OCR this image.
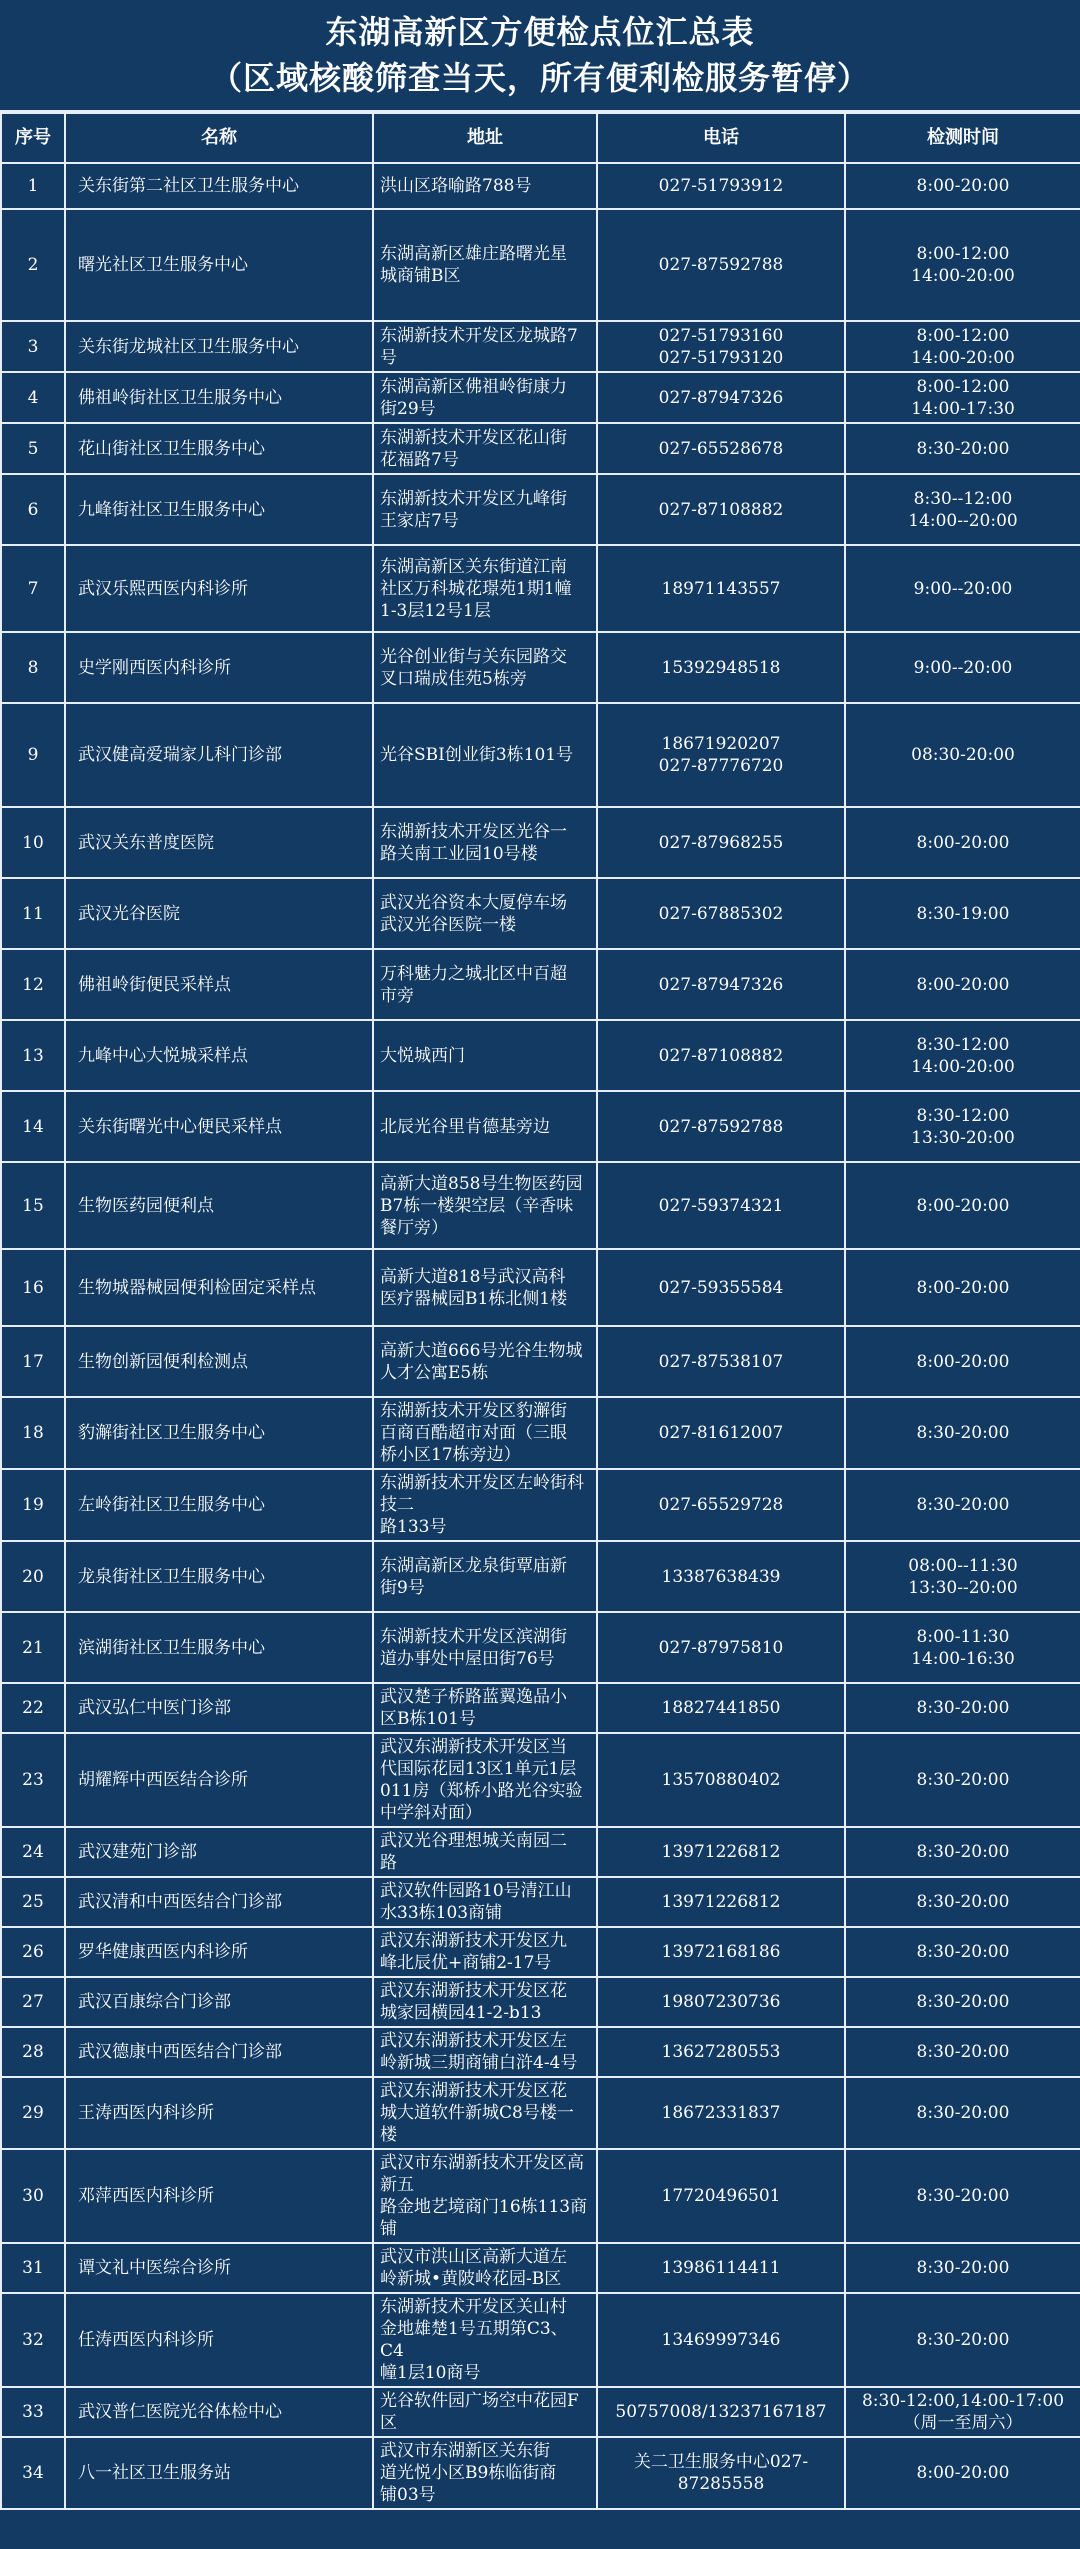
东湖高新区方便检点位汇总表
（区域核酸筛查当天，所有便利检服务暂停）
序号	名称	地址	电话	检测时间
1	关东街第二社区卫生服务中心	洪山区珞喻路788号	027-51793912	8:00-20:00
2	曙光社区卫生服务中心	东湖高新区雄庄路曙光星
城商铺B区	027-87592788	8:00-12:00
14:00-20:00
3	关东街龙城社区卫生服务中心	东湖新技术开发区龙城路7
号	027-51793160
027-51793120	8:00-12:00
14:00-20:00
4	佛祖岭街社区卫生服务中心	东湖高新区佛祖岭街康力
街29号	027-87947326	8:00-12:00
14:00-17:30
5	花山街社区卫生服务中心	东湖新技术开发区花山街
花福路7号	027-65528678	8:30-20:00
6	九峰街社区卫生服务中心	东湖新技术开发区九峰街
王家店7号	027-87108882	8:30--12:00
14:00--20:00
7	武汉乐熙西医内科诊所	东湖高新区关东街道江南
社区万科城花璟苑1期1幢
1-3层12号1层	18971143557	9:00--20:00
8	史学刚西医内科诊所	光谷创业街与关东园路交
叉口瑞成佳苑5栋旁	15392948518	9:00--20:00
9	武汉健高爱瑞家儿科门诊部	光谷SBI创业街3栋101号	18671920207
027-87776720	08:30-20:00
10	武汉关东普度医院	东湖新技术开发区光谷一
路关南工业园10号楼	027-87968255	8:00-20:00
11	武汉光谷医院	武汉光谷资本大厦停车场
武汉光谷医院一楼	027-67885302	8:30-19:00
12	佛祖岭街便民采样点	万科魅力之城北区中百超
市旁	027-87947326	8:00-20:00
13	九峰中心大悦城采样点	大悦城西门	027-87108882	8:30-12:00
14:00-20:00
14	关东街曙光中心便民采样点	北辰光谷里肯德基旁边	027-87592788	8:30-12:00
13:30-20:00
15	生物医药园便利点	高新大道858号生物医药园
B7栋一楼架空层（辛香味
餐厅旁）	027-59374321	8:00-20:00
16	生物城器械园便利检固定采样点	高新大道818号武汉高科
医疗器械园B1栋北侧1楼	027-59355584	8:00-20:00
17	生物创新园便利检测点	高新大道666号光谷生物城
人才公寓E5栋	027-87538107	8:00-20:00
18	豹澥街社区卫生服务中心	东湖新技术开发区豹澥街
百商百酷超市对面（三眼
桥小区17栋旁边）	027-81612007	8:30-20:00
19	左岭街社区卫生服务中心	东湖新技术开发区左岭街科技二
路133号	027-65529728	8:30-20:00
20	龙泉街社区卫生服务中心	东湖高新区龙泉街覃庙新
街9号	13387638439	08:00--11:30
13:30--20:00
21	滨湖街社区卫生服务中心	东湖新技术开发区滨湖街
道办事处中屋田街76号	027-87975810	8:00-11:30
14:00-16:30
22	武汉弘仁中医门诊部	武汉楚子桥路蓝翼逸品小
区B栋101号	18827441850	8:30-20:00
23	胡耀辉中西医结合诊所	武汉东湖新技术开发区当
代国际花园13区1单元1层
011房（郑桥小路光谷实验
中学斜对面）	13570880402	8:30-20:00
24	武汉建苑门诊部	武汉光谷理想城关南园二
路	13971226812	8:30-20:00
25	武汉清和中西医结合门诊部	武汉软件园路10号清江山
水33栋103商铺	13971226812	8:30-20:00
26	罗华健康西医内科诊所	武汉东湖新技术开发区九
峰北辰优+商铺2-17号	13972168186	8:30-20:00
27	武汉百康综合门诊部	武汉东湖新技术开发区花
城家园横园41-2-b13	19807230736	8:30-20:00
28	武汉德康中西医结合门诊部	武汉东湖新技术开发区左
岭新城三期商铺白浒4-4号	13627280553	8:30-20:00
29	王涛西医内科诊所	武汉东湖新技术开发区花
城大道软件新城C8号楼一
楼	18672331837	8:30-20:00
30	邓萍西医内科诊所	武汉市东湖新技术开发区高新五
路金地艺境商门16栋113商
铺	17720496501	8:30-20:00
31	谭文礼中医综合诊所	武汉市洪山区高新大道左
岭新城•黄陂岭花园-B区	13986114411	8:30-20:00
32	任涛西医内科诊所	东湖新技术开发区关山村
金地雄楚1号五期第C3、C4
幢1层10商号	13469997346	8:30-20:00
33	武汉普仁医院光谷体检中心	光谷软件园广场空中花园F
区	50757008/13237167187	8:30-12:00,14:00-17:00
（周一至周六）
34	八一社区卫生服务站	武汉市东湖新区关东街
道光悦小区B9栋临街商
铺03号	关二卫生服务中心027-
87285558	8:00-20:00
